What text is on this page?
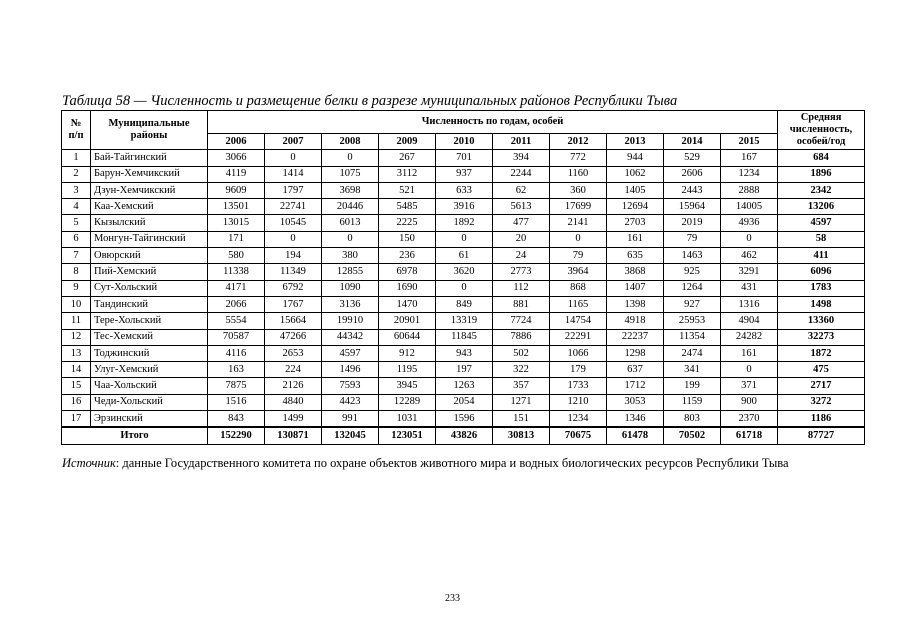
Таблица 58 — Численность и размещение белки в разрезе муниципальных районов Республики Тыва
№ п/п	Муниципальные районы	Численность по годам, особей										Средняя численность, особей/год
		2006	2007	2008	2009	2010	2011	2012	2013	2014	2015	
1	Бай-Тайгинский	3066	0	0	267	701	394	772	944	529	167	684
2	Барун-Хемчикский	4119	1414	1075	3112	937	2244	1160	1062	2606	1234	1896
3	Дзун-Хемчикский	9609	1797	3698	521	633	62	360	1405	2443	2888	2342
4	Каа-Хемский	13501	22741	20446	5485	3916	5613	17699	12694	15964	14005	13206
5	Кызылский	13015	10545	6013	2225	1892	477	2141	2703	2019	4936	4597
6	Монгун-Тайгинский	171	0	0	150	0	20	0	161	79	0	58
7	Овюрский	580	194	380	236	61	24	79	635	1463	462	411
8	Пий-Хемский	11338	11349	12855	6978	3620	2773	3964	3868	925	3291	6096
9	Сут-Хольский	4171	6792	1090	1690	0	112	868	1407	1264	431	1783
10	Тандинский	2066	1767	3136	1470	849	881	1165	1398	927	1316	1498
11	Тере-Хольский	5554	15664	19910	20901	13319	7724	14754	4918	25953	4904	13360
12	Тес-Хемский	70587	47266	44342	60644	11845	7886	22291	22237	11354	24282	32273
13	Тоджинский	4116	2653	4597	912	943	502	1066	1298	2474	161	1872
14	Улуг-Хемский	163	224	1496	1195	197	322	179	637	341	0	475
15	Чаа-Хольский	7875	2126	7593	3945	1263	357	1733	1712	199	371	2717
16	Чеди-Хольский	1516	4840	4423	12289	2054	1271	1210	3053	1159	900	3272
17	Эрзинский	843	1499	991	1031	1596	151	1234	1346	803	2370	1186
Итого		152290	130871	132045	123051	43826	30813	70675	61478	70502	61718	87727
Источник: данные Государственного комитета по охране объектов животного мира и водных биологических ресурсов Республики Тыва
233
